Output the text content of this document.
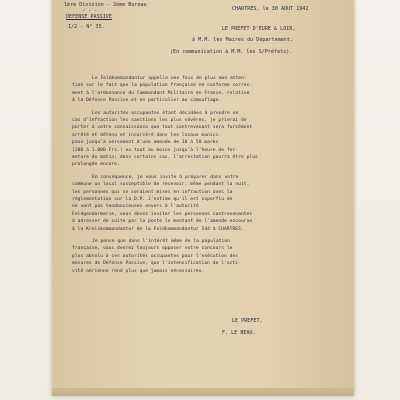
1ère Division - 2ème Bureau
- - -
DEFENSE PASSIVE
I/2 - N° 35.
CHARTRES, le 30 AOUT 1942
LE PREFET D'EURE & LOIR,
à M.M. les Maires du Département.
(En communication à M.M. les S/Préfets).
Le Feldkommandantur appelle une fois de plus mon atten-
tion sur le fait que la population française ne conforme correc-
ment à l'ordonnance du Commandant Militaire en France, relative
à la Défense Passive et en particulier au camouflage.
Les autorités occupantes étant décidées à prendre en
cas d'infraction les sanctions les plus sévères, je prierai de
porter à votre connaissance que tout contrevenant sera forcément
arrêté et détenu et incarcéré dans les locaux munici-
paux jusqu'à versement d'une amende de 10 à 50 marks
(200 à 1.000 Frs.) ou tout au moins jusqu'à l'heure de fer-
meture du matin; dans certains cas, l'arrestation pourra être plus
prolongée encore.
En conséquence, je vous invite à préparer dans votre
commune un local susceptible de recevoir, même pendant la nuit,
les personnes qui se seraient mises en infraction avec la
réglementation sur la D.P. J'estime qu'il est superflu de
ne sont pas tendancieuses envers à l'autorité
Feldgendarmerie, vous devez inviter les personnes contrevenantes
à adresser de suite par la poste le montant de l'amende encourue
à la Kreiskommandantur de la Feldkommandantur 144 à CHARTRES.
Je pense que dans l'intérêt même de la population
française, vous devrez toujours opposer votre concours le
plus absolu à ces autorités occupantes pour l'exécution des
mesures de Défense Passive, que l'intensification de l'acti-
vité aérienne rend plus que jamais nécessaires.
LE PREFET,
F. LE BEAU.
